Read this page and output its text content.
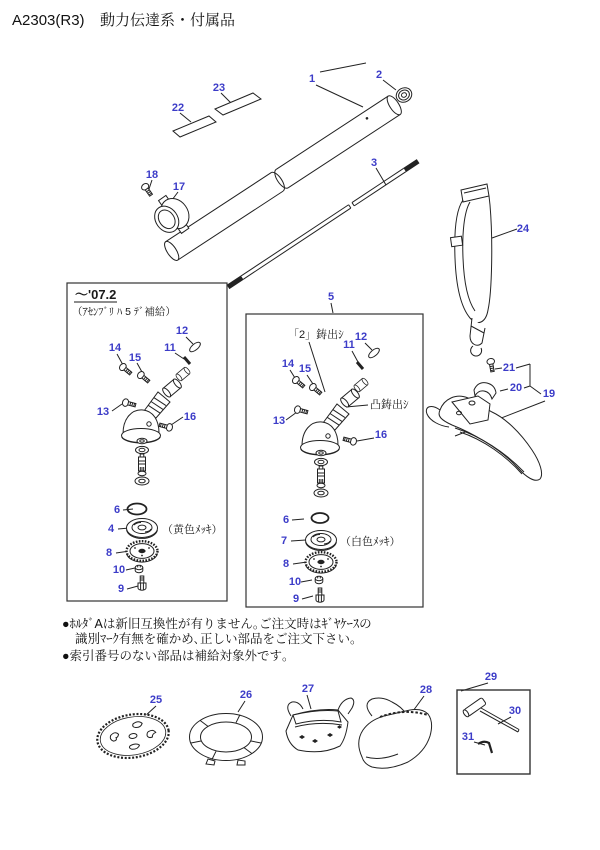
A2303(R3) 動力伝達系・付属品
～'07.2
（ｱｾﾝﾌﾞﾘ ﾊ 5 ﾃﾞ補給）
（黄色ﾒｯｷ）
「2」鋳出ｼ
凸鋳出ｼ
（白色ﾒｯｷ）
●ﾎﾙﾀﾞAは新旧互換性が有りません｡ご注文時はｷﾞﾔｹｰｽの
識別ﾏｰｸ有無を確かめ､正しい部品をご注文下さい｡
●索引番号のない部品は補給対象外です｡
1	2
3
5
18
17
22
23
24
12
11
14
15
13	16
6
4
8
10
9
12
11
14 15
13
16
6
7
8
10
9
21
20 19
25	26	27	28
29
30
31
